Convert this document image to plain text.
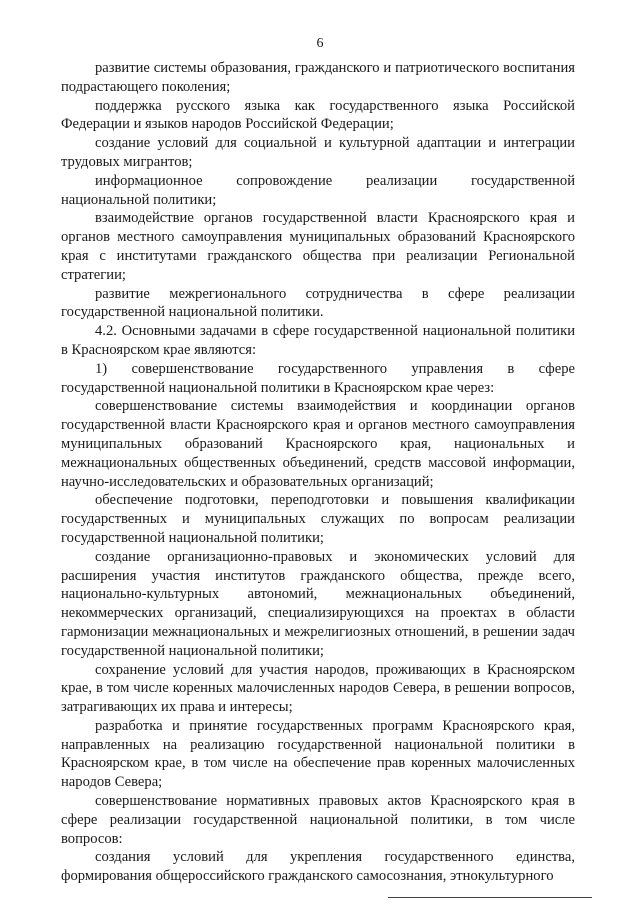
6

развитие системы образования, гражданского и патриотического воспитания подрастающего поколения;

поддержка русского языка как государственного языка Российской Федерации и языков народов Российской Федерации;

создание условий для социальной и культурной адаптации и интеграции трудовых мигрантов;

информационное сопровождение реализации государственной национальной политики;

взаимодействие органов государственной власти Красноярского края и органов местного самоуправления муниципальных образований Красноярского края с институтами гражданского общества при реализации Региональной стратегии;

развитие межрегионального сотрудничества в сфере реализации государственной национальной политики.

4.2. Основными задачами в сфере государственной национальной политики в Красноярском крае являются:

1) совершенствование государственного управления в сфере государственной национальной политики в Красноярском крае через:

совершенствование системы взаимодействия и координации органов государственной власти Красноярского края и органов местного самоуправления муниципальных образований Красноярского края, национальных и межнациональных общественных объединений, средств массовой информации, научно-исследовательских и образовательных организаций;

обеспечение подготовки, переподготовки и повышения квалификации государственных и муниципальных служащих по вопросам реализации государственной национальной политики;

создание организационно-правовых и экономических условий для расширения участия институтов гражданского общества, прежде всего, национально-культурных автономий, межнациональных объединений, некоммерческих организаций, специализирующихся на проектах в области гармонизации межнациональных и межрелигиозных отношений, в решении задач государственной национальной политики;

сохранение условий для участия народов, проживающих в Красноярском крае, в том числе коренных малочисленных народов Севера, в решении вопросов, затрагивающих их права и интересы;

разработка и принятие государственных программ Красноярского края, направленных на реализацию государственной национальной политики в Красноярском крае, в том числе на обеспечение прав коренных малочисленных народов Севера;

совершенствование нормативных правовых актов Красноярского края в сфере реализации государственной национальной политики, в том числе вопросов:

создания условий для укрепления государственного единства, формирования общероссийского гражданского самосознания, этнокультурного
